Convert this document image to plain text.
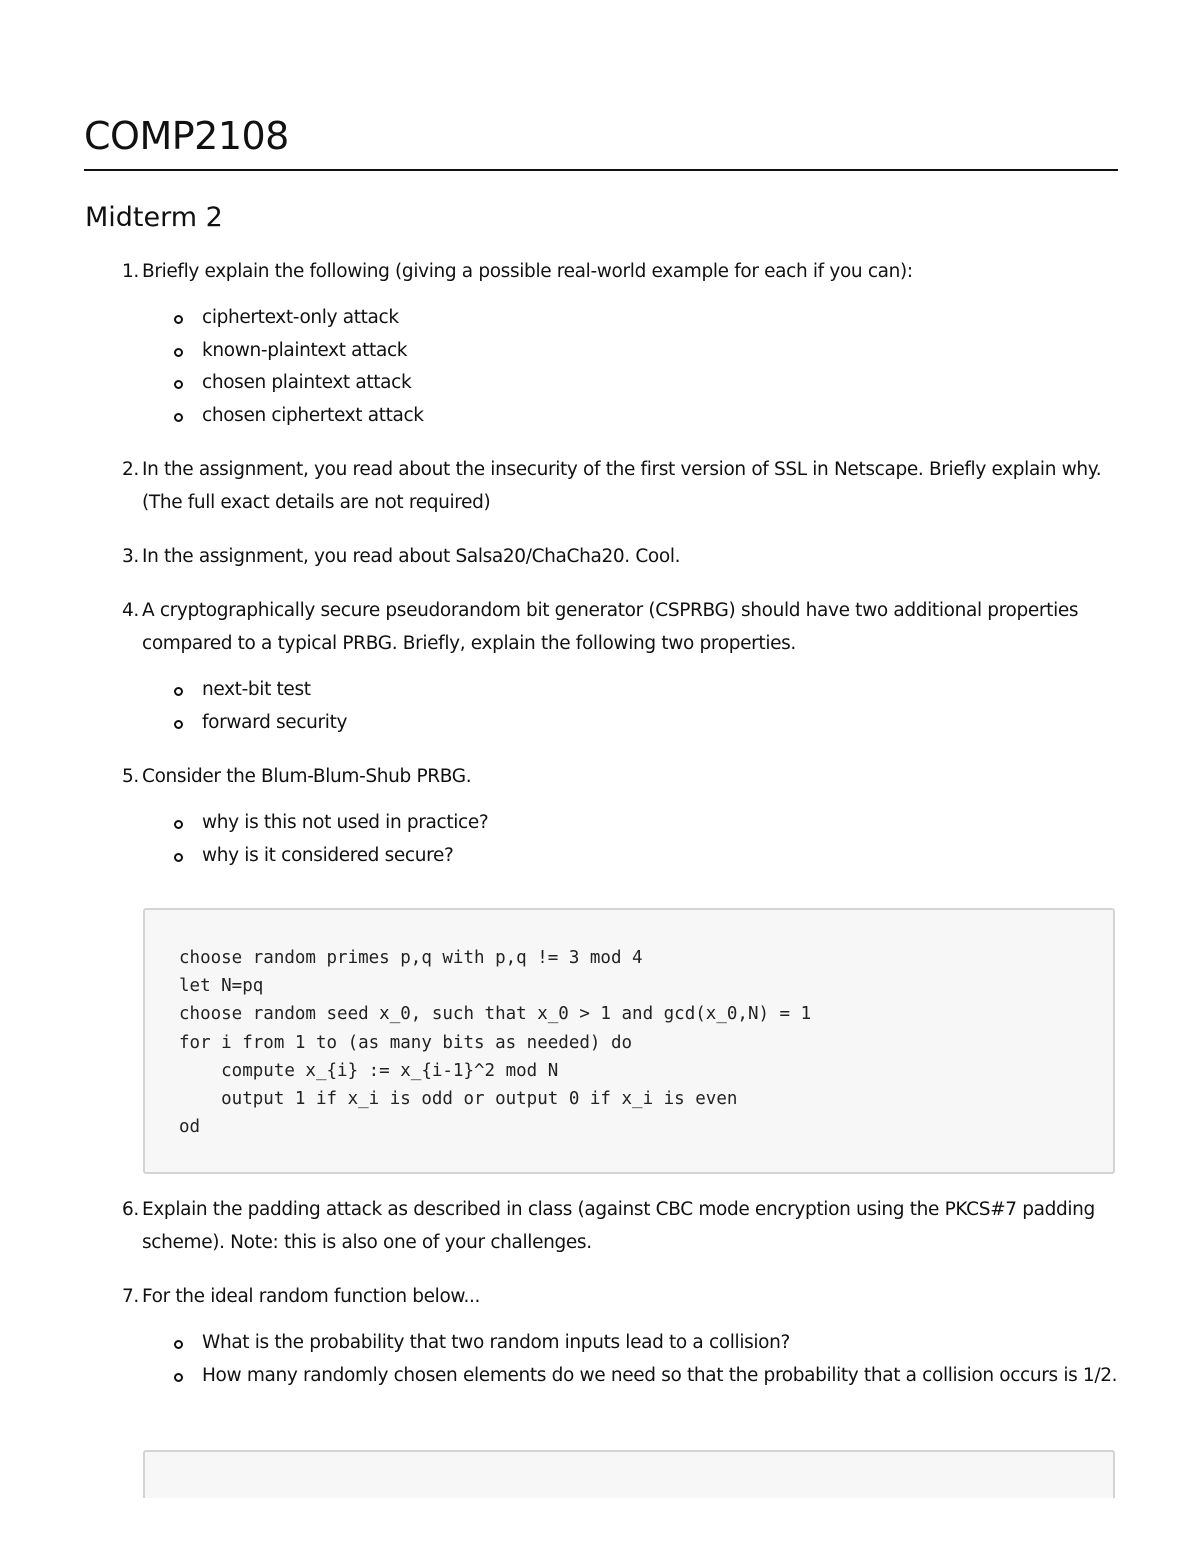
COMP2108
Midterm 2
1. Briefly explain the following (giving a possible real-world example for each if you can):
ciphertext-only attack
known-plaintext attack
chosen plaintext attack
chosen ciphertext attack
2. In the assignment, you read about the insecurity of the first version of SSL in Netscape. Briefly explain why. (The full exact details are not required)
3. In the assignment, you read about Salsa20/ChaCha20. Cool.
4. A cryptographically secure pseudorandom bit generator (CSPRBG) should have two additional properties compared to a typical PRBG. Briefly, explain the following two properties.
next-bit test
forward security
5. Consider the Blum-Blum-Shub PRBG.
why is this not used in practice?
why is it considered secure?
choose random primes p,q with p,q != 3 mod 4
let N=pq
choose random seed x_0, such that x_0 > 1 and gcd(x_0,N) = 1
for i from 1 to (as many bits as needed) do
compute x_{i} := x_{i-1}^2 mod N
output 1 if x_i is odd or output 0 if x_i is even
od
6. Explain the padding attack as described in class (against CBC mode encryption using the PKCS#7 padding scheme). Note: this is also one of your challenges.
7. For the ideal random function below...
What is the probability that two random inputs lead to a collision?
How many randomly chosen elements do we need so that the probability that a collision occurs is 1/2.
